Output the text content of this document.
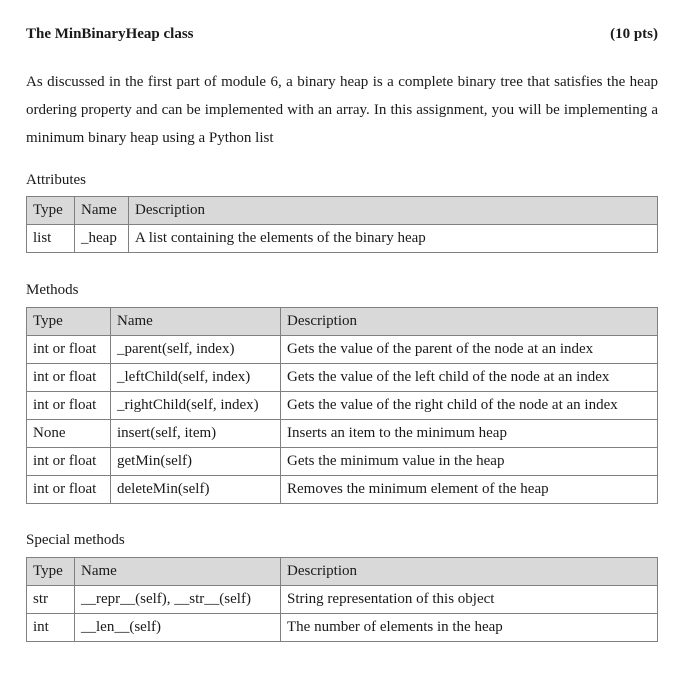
The MinBinaryHeap class	(10 pts)
As discussed in the first part of module 6, a binary heap is a complete binary tree that satisfies the heap ordering property and can be implemented with an array. In this assignment, you will be implementing a minimum binary heap using a Python list
Attributes
Type	Name	Description
list	_heap	A list containing the elements of the binary heap
Methods
Type	Name	Description
int or float	_parent(self, index)	Gets the value of the parent of the node at an index
int or float	_leftChild(self, index)	Gets the value of the left child of the node at an index
int or float	_rightChild(self, index)	Gets the value of the right child of the node at an index
None	insert(self, item)	Inserts an item to the minimum heap
int or float	getMin(self)	Gets the minimum value in the heap
int or float	deleteMin(self)	Removes the minimum element of the heap
Special methods
Type	Name	Description
str	__repr__(self), __str__(self)	String representation of this object
int	__len__(self)	The number of elements in the heap
